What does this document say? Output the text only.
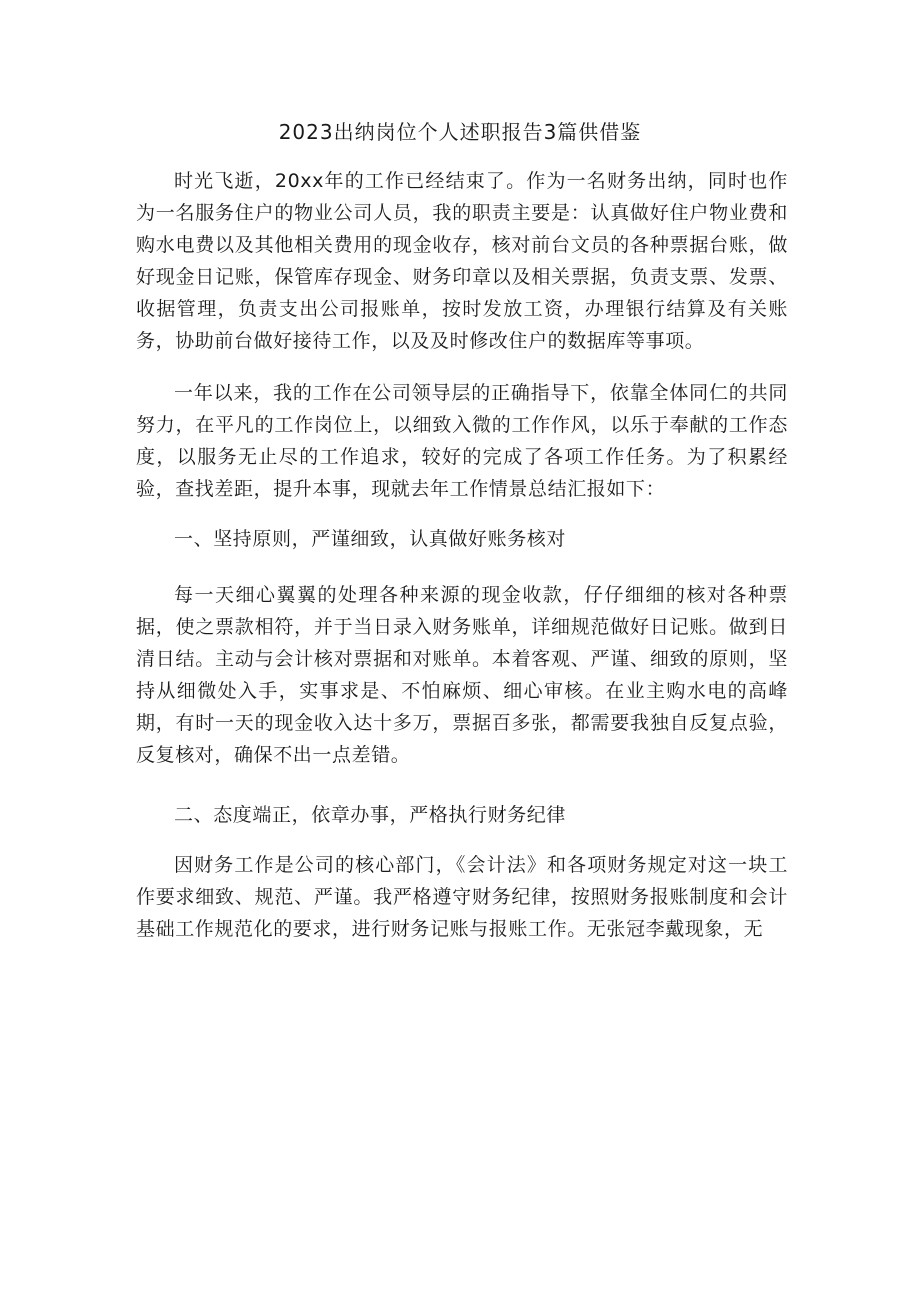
2023出纳岗位个人述职报告3篇供借鉴

时光飞逝，20xx年的工作已经结束了。作为一名财务出纳，同时也作为一名服务住户的物业公司人员，我的职责主要是：认真做好住户物业费和购水电费以及其他相关费用的现金收存，核对前台文员的各种票据台账，做好现金日记账，保管库存现金、财务印章以及相关票据，负责支票、发票、收据管理，负责支出公司报账单，按时发放工资，办理银行结算及有关账务，协助前台做好接待工作，以及及时修改住户的数据库等事项。

一年以来，我的工作在公司领导层的正确指导下，依靠全体同仁的共同努力，在平凡的工作岗位上，以细致入微的工作作风，以乐于奉献的工作态度，以服务无止尽的工作追求，较好的完成了各项工作任务。为了积累经验，查找差距，提升本事，现就去年工作情景总结汇报如下：

一、坚持原则，严谨细致，认真做好账务核对

每一天细心翼翼的处理各种来源的现金收款，仔仔细细的核对各种票据，使之票款相符，并于当日录入财务账单，详细规范做好日记账。做到日清日结。主动与会计核对票据和对账单。本着客观、严谨、细致的原则，坚持从细微处入手，实事求是、不怕麻烦、细心审核。在业主购水电的高峰期，有时一天的现金收入达十多万，票据百多张，都需要我独自反复点验，反复核对，确保不出一点差错。

二、态度端正，依章办事，严格执行财务纪律

因财务工作是公司的核心部门，《会计法》和各项财务规定对这一块工作要求细致、规范、严谨。我严格遵守财务纪律，按照财务报账制度和会计基础工作规范化的要求，进行财务记账与报账工作。无张冠李戴现象，无
